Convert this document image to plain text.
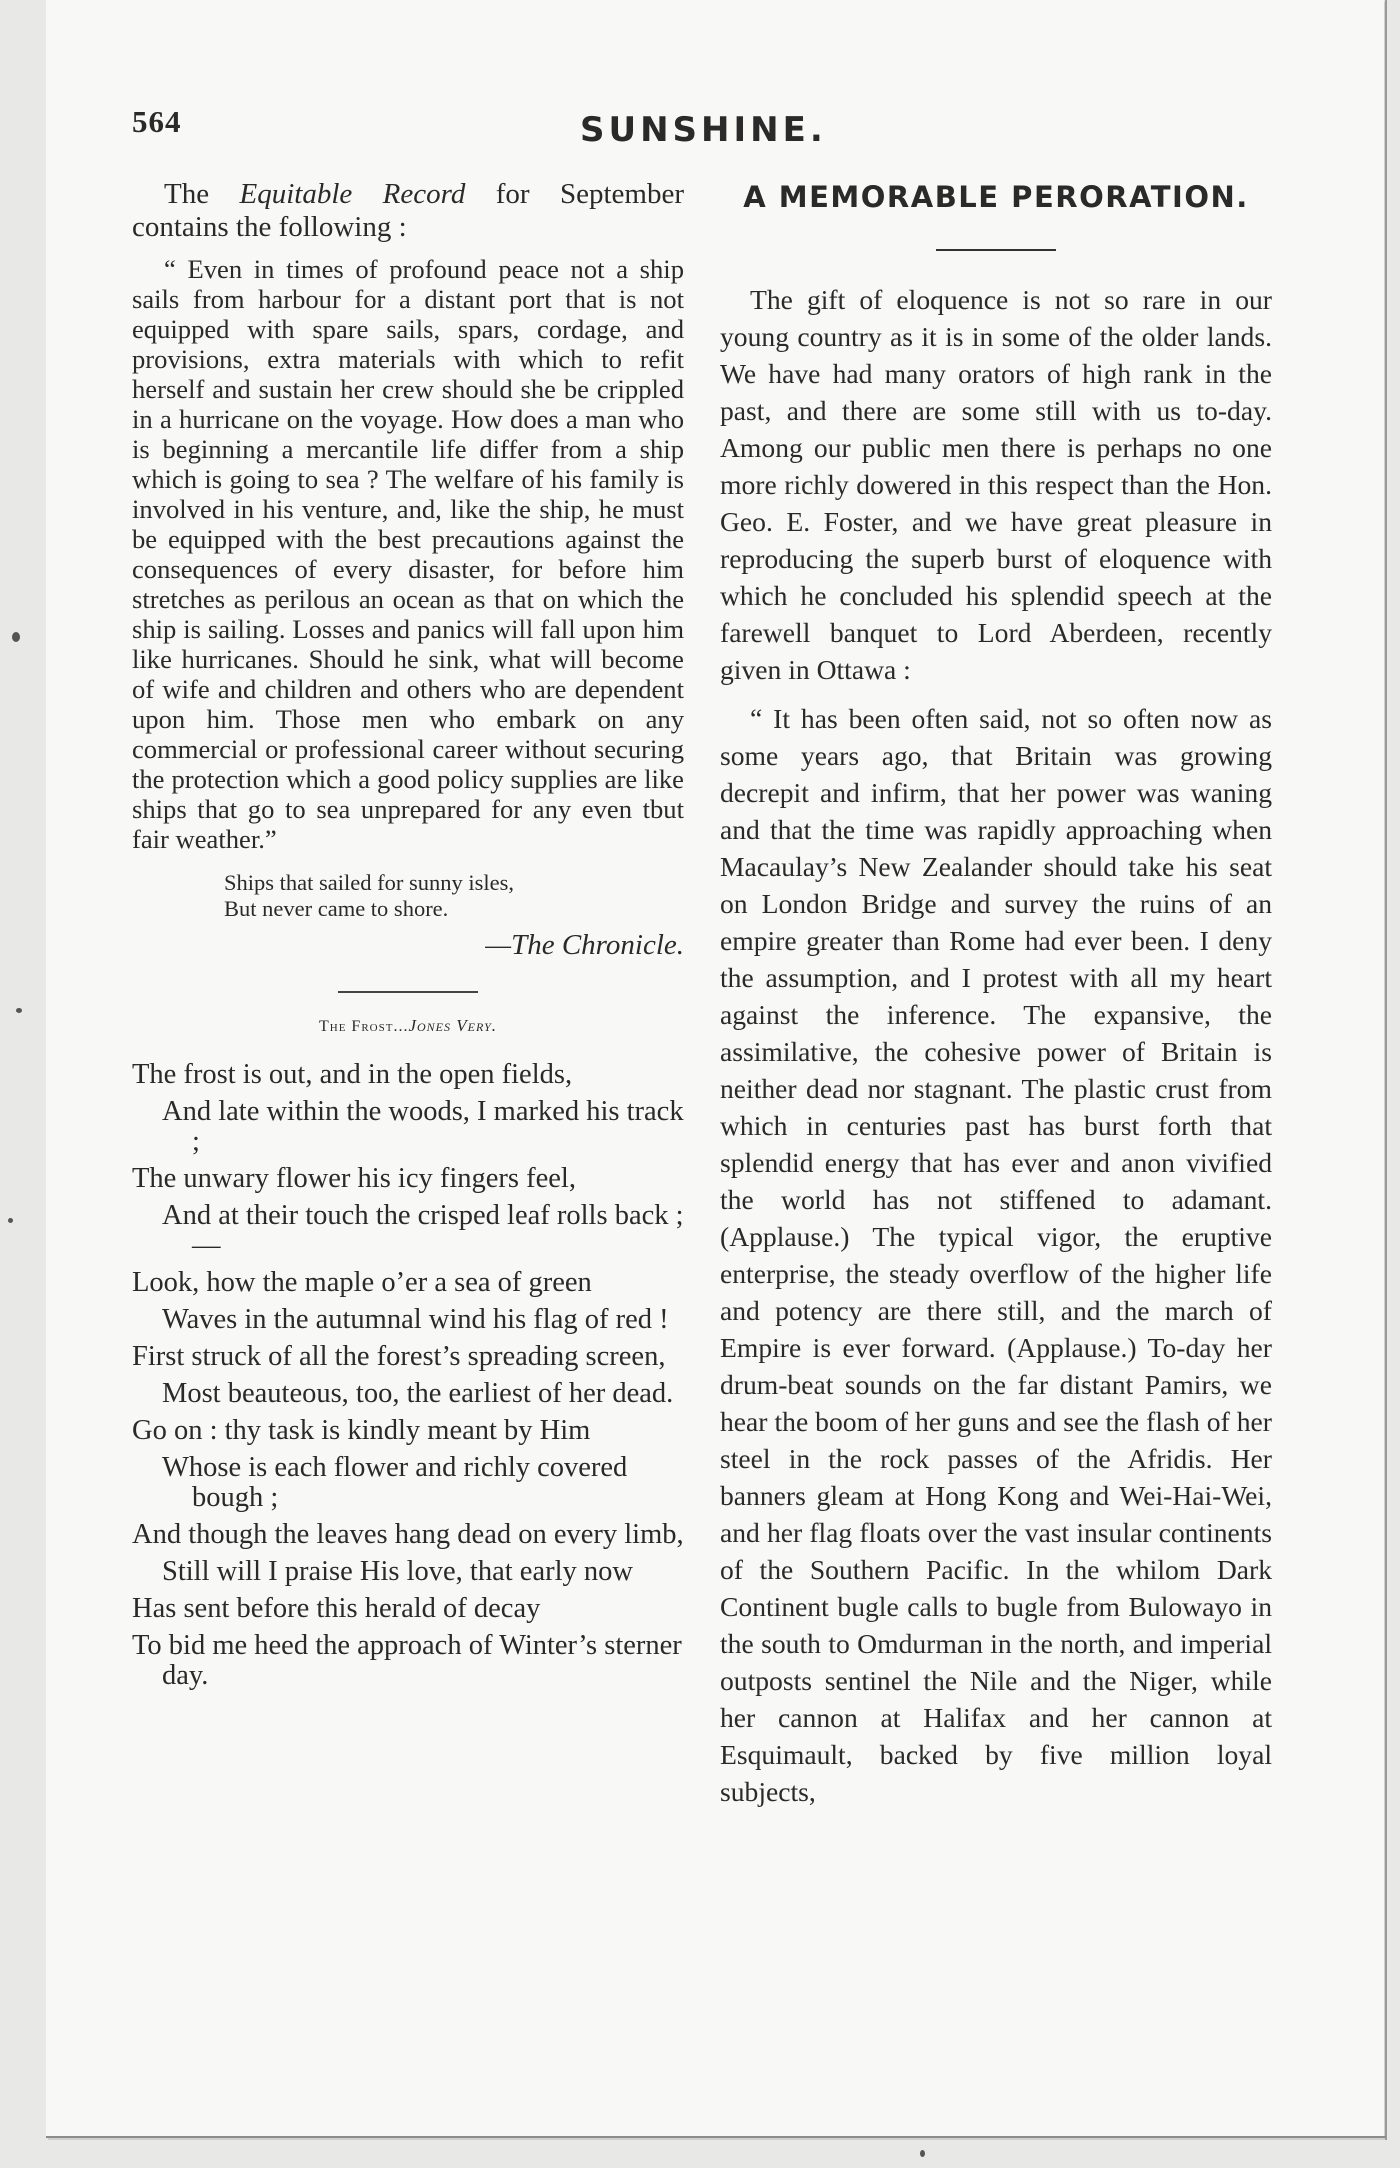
564	SUNSHINE.

The Equitable Record for September contains the following :

“ Even in times of profound peace not a ship sails from harbour for a distant port that is not equipped with spare sails, spars, cordage, and provisions, extra materials with which to refit herself and sustain her crew should she be crippled in a hurricane on the voyage. How does a man who is beginning a mercantile life differ from a ship which is going to sea ? The welfare of his family is involved in his venture, and, like the ship, he must be equipped with the best precautions against the consequences of every disaster, for before him stretches as perilous an ocean as that on which the ship is sailing. Losses and panics will fall upon him like hurricanes. Should he sink, what will become of wife and children and others who are dependent upon him. Those men who embark on any commercial or professional career without securing the protection which a good policy supplies are like ships that go to sea unprepared for any even tbut fair weather.”

Ships that sailed for sunny isles,
But never came to shore.
—The Chronicle.
The Frost...Jones Very.
The frost is out, and in the open fields,
And late within the woods, I marked his track ;
The unwary flower his icy fingers feel,
And at their touch the crisped leaf rolls back ;—
Look, how the maple o’er a sea of green
Waves in the autumnal wind his flag of red !
First struck of all the forest’s spreading screen,
Most beauteous, too, the earliest of her dead.
Go on : thy task is kindly meant by Him
Whose is each flower and richly covered bough ;
And though the leaves hang dead on every limb,
Still will I praise His love, that early now
Has sent before this herald of decay
To bid me heed the approach of Winter’s sterner day.
A MEMORABLE PERORATION.

The gift of eloquence is not so rare in our young country as it is in some of the older lands. We have had many orators of high rank in the past, and there are some still with us to-day. Among our public men there is perhaps no one more richly dowered in this respect than the Hon. Geo. E. Foster, and we have great pleasure in reproducing the superb burst of eloquence with which he concluded his splendid speech at the farewell banquet to Lord Aberdeen, recently given in Ottawa :

“ It has been often said, not so often now as some years ago, that Britain was growing decrepit and infirm, that her power was waning and that the time was rapidly approaching when Macaulay’s New Zealander should take his seat on London Bridge and survey the ruins of an empire greater than Rome had ever been. I deny the assumption, and I protest with all my heart against the inference. The expansive, the assimilative, the cohesive power of Britain is neither dead nor stagnant. The plastic crust from which in centuries past has burst forth that splendid energy that has ever and anon vivified the world has not stiffened to adamant. (Applause.) The typical vigor, the eruptive enterprise, the steady overflow of the higher life and potency are there still, and the march of Empire is ever forward. (Applause.) To-day her drum-beat sounds on the far distant Pamirs, we hear the boom of her guns and see the flash of her steel in the rock passes of the Afridis. Her banners gleam at Hong Kong and Wei-Hai-Wei, and her flag floats over the vast insular continents of the Southern Pacific. In the whilom Dark Continent bugle calls to bugle from Bulowayo in the south to Omdurman in the north, and imperial outposts sentinel the Nile and the Niger, while her cannon at Halifax and her cannon at Esquimault, backed by five million loyal subjects,
